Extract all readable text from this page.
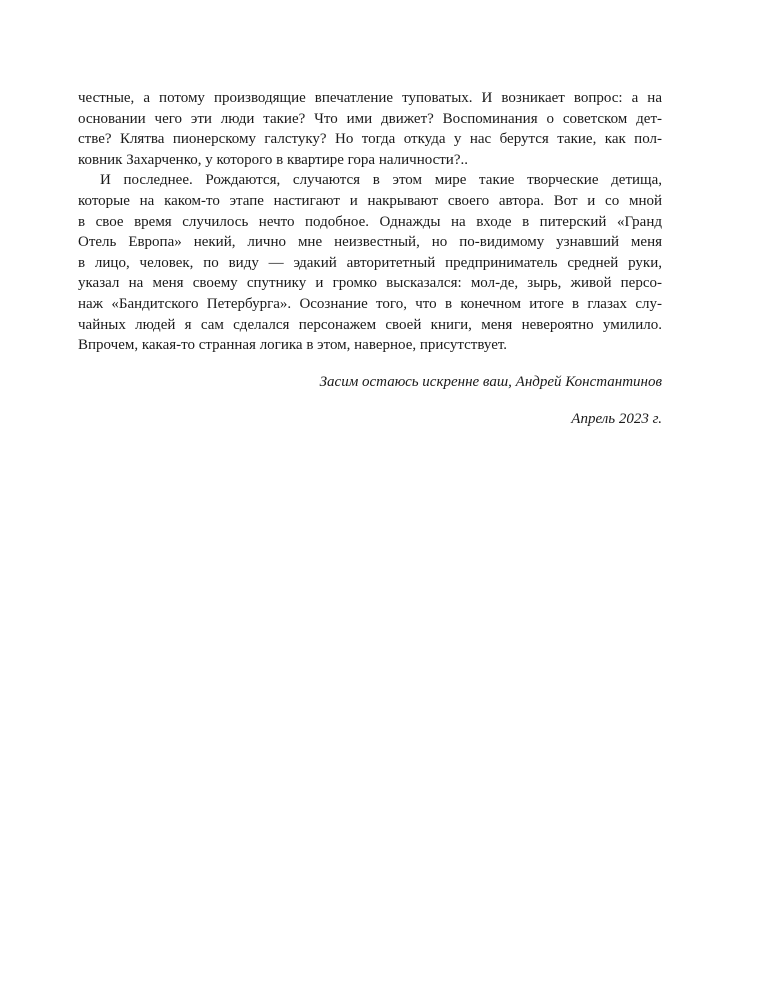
честные, а потому производящие впечатление туповатых. И возникает вопрос: а на
основании чего эти люди такие? Что ими движет? Воспоминания о советском дет-
стве? Клятва пионерскому галстуку? Но тогда откуда у нас берутся такие, как пол-
ковник Захарченко, у которого в квартире гора наличности?..
И последнее. Рождаются, случаются в этом мире такие творческие детища,
которые на каком-то этапе настигают и накрывают своего автора. Вот и со мной
в свое время случилось нечто подобное. Однажды на входе в питерский «Гранд
Отель Европа» некий, лично мне неизвестный, но по-видимому узнавший меня
в лицо, человек, по виду — эдакий авторитетный предприниматель средней руки,
указал на меня своему спутнику и громко высказался: мол-де, зырь, живой персо-
наж «Бандитского Петербурга». Осознание того, что в конечном итоге в глазах слу-
чайных людей я сам сделался персонажем своей книги, меня невероятно умилило.
Впрочем, какая-то странная логика в этом, наверное, присутствует.
Засим остаюсь искренне ваш, Андрей Константинов
Апрель 2023 г.
